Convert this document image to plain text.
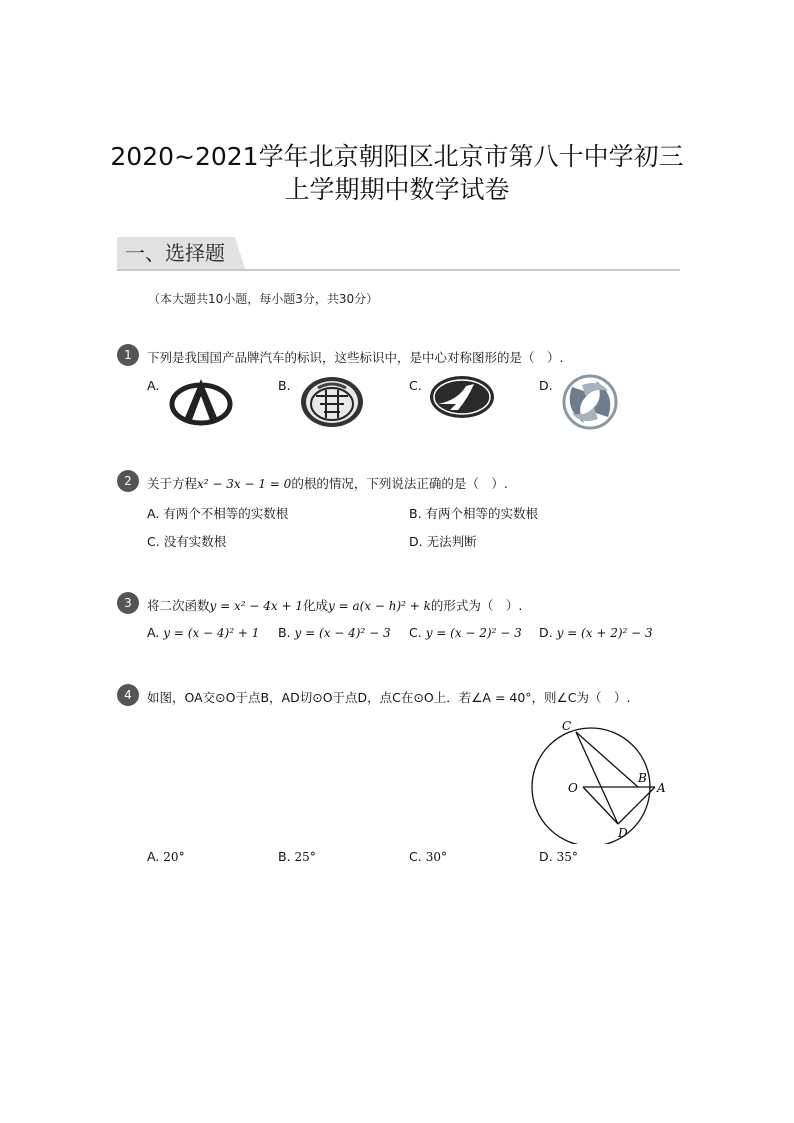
2020~2021学年北京朝阳区北京市第八十中学初三
上学期期中数学试卷
一、选择题
（本大题共10小题，每小题3分，共30分）
1	下列是我国国产品牌汽车的标识，这些标识中，是中心对称图形的是（　）.
A.	B.	C.	D.
2	关于方程x² − 3x − 1 = 0的根的情况，下列说法正确的是（　）.
A. 有两个不相等的实数根	B. 有两个相等的实数根
C. 没有实数根	D. 无法判断
3	将二次函数y = x² − 4x + 1化成y = a(x − h)² + k的形式为（　）.
A. y = (x − 4)² + 1 B. y = (x − 4)² − 3 C. y = (x − 2)² − 3 D. y = (x + 2)² − 3
4	如图，OA交⊙O于点B，AD切⊙O于点D，点C在⊙O上．若∠A = 40°，则∠C为（　）.
C
O
B
A
D
A. 20°	B. 25°	C. 30°	D. 35°
